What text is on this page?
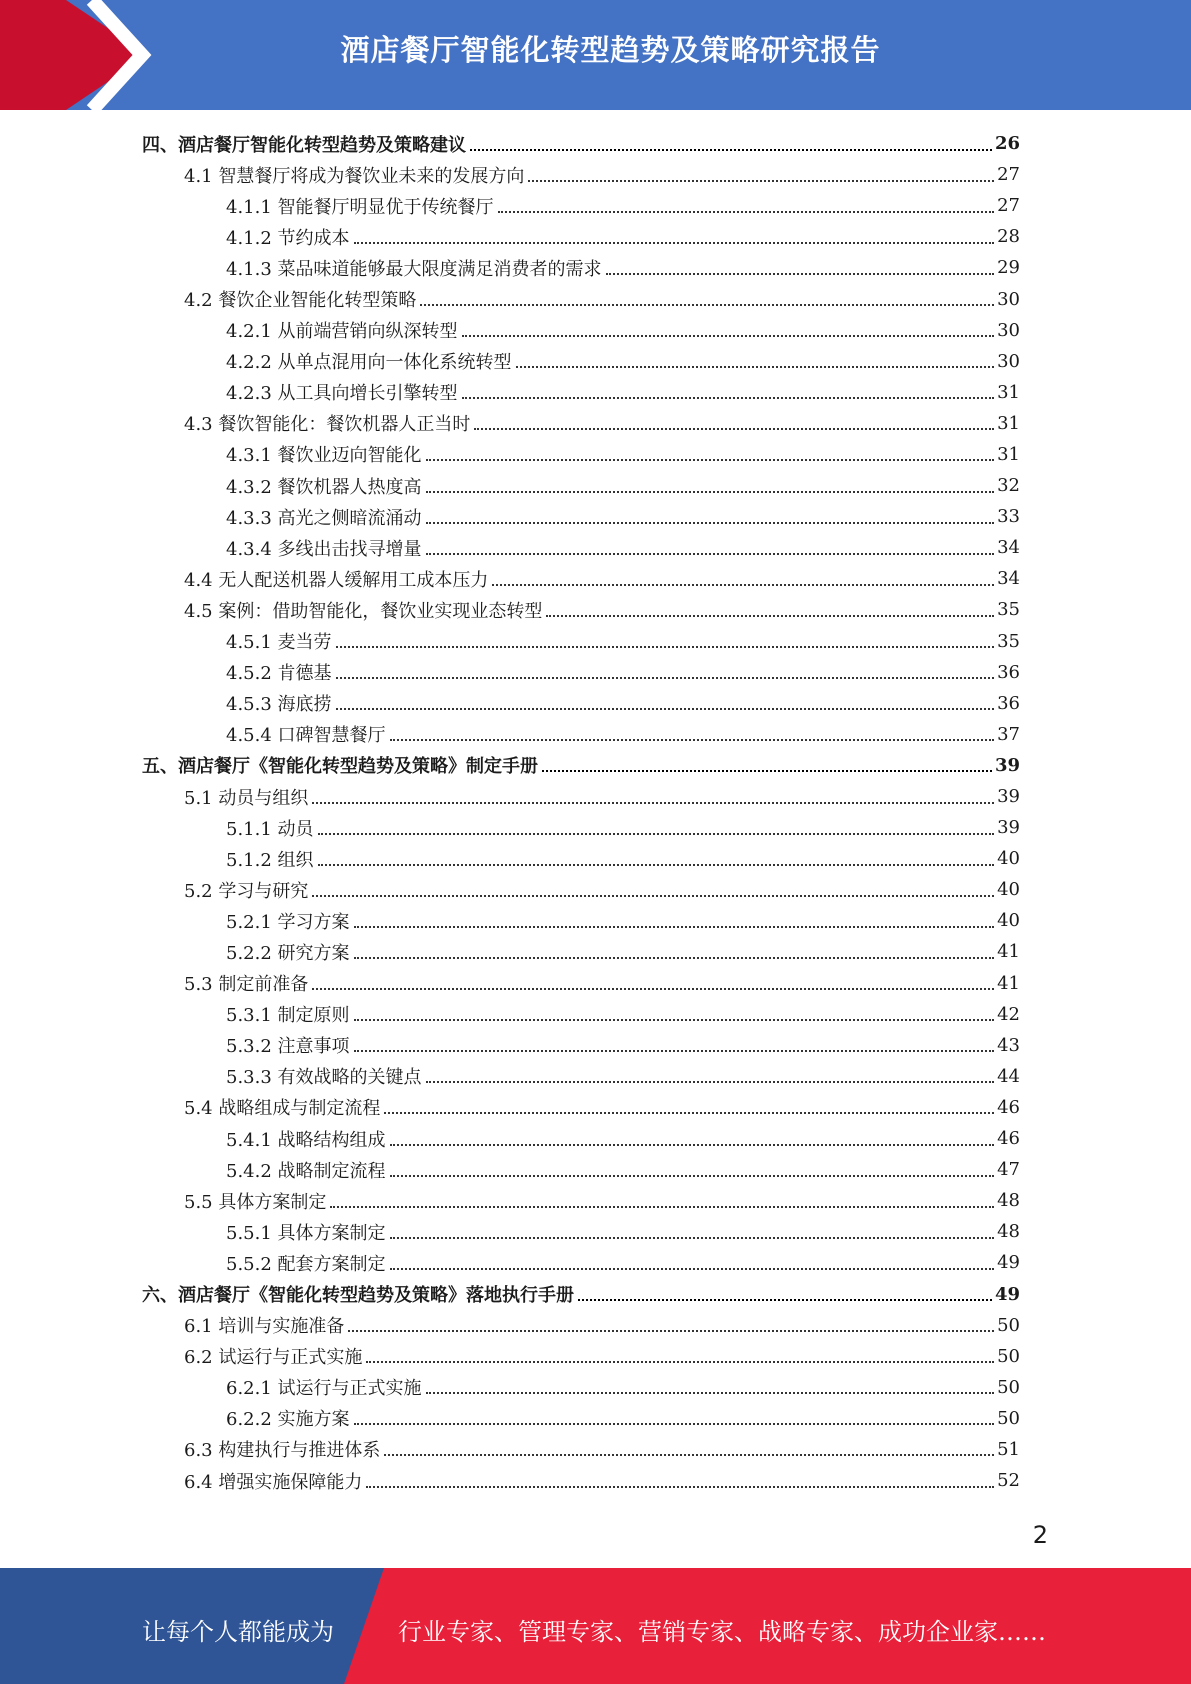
酒店餐厅智能化转型趋势及策略研究报告
四、酒店餐厅智能化转型趋势及策略建议	26
4.1 智慧餐厅将成为餐饮业未来的发展方向	27
4.1.1 智能餐厅明显优于传统餐厅	27
4.1.2 节约成本	28
4.1.3 菜品味道能够最大限度满足消费者的需求	29
4.2 餐饮企业智能化转型策略	30
4.2.1 从前端营销向纵深转型	30
4.2.2 从单点混用向一体化系统转型	30
4.2.3 从工具向增长引擎转型	31
4.3 餐饮智能化：餐饮机器人正当时	31
4.3.1 餐饮业迈向智能化	31
4.3.2 餐饮机器人热度高	32
4.3.3 高光之侧暗流涌动	33
4.3.4 多线出击找寻增量	34
4.4 无人配送机器人缓解用工成本压力	34
4.5 案例：借助智能化，餐饮业实现业态转型	35
4.5.1 麦当劳	35
4.5.2 肯德基	36
4.5.3 海底捞	36
4.5.4 口碑智慧餐厅	37
五、酒店餐厅《智能化转型趋势及策略》制定手册	39
5.1 动员与组织	39
5.1.1 动员	39
5.1.2 组织	40
5.2 学习与研究	40
5.2.1 学习方案	40
5.2.2 研究方案	41
5.3 制定前准备	41
5.3.1 制定原则	42
5.3.2 注意事项	43
5.3.3 有效战略的关键点	44
5.4 战略组成与制定流程	46
5.4.1 战略结构组成	46
5.4.2 战略制定流程	47
5.5 具体方案制定	48
5.5.1 具体方案制定	48
5.5.2 配套方案制定	49
六、酒店餐厅《智能化转型趋势及策略》落地执行手册	49
6.1 培训与实施准备	50
6.2 试运行与正式实施	50
6.2.1 试运行与正式实施	50
6.2.2 实施方案	50
6.3 构建执行与推进体系	51
6.4 增强实施保障能力	52
2
让每个人都能成为	行业专家、管理专家、营销专家、战略专家、成功企业家……
